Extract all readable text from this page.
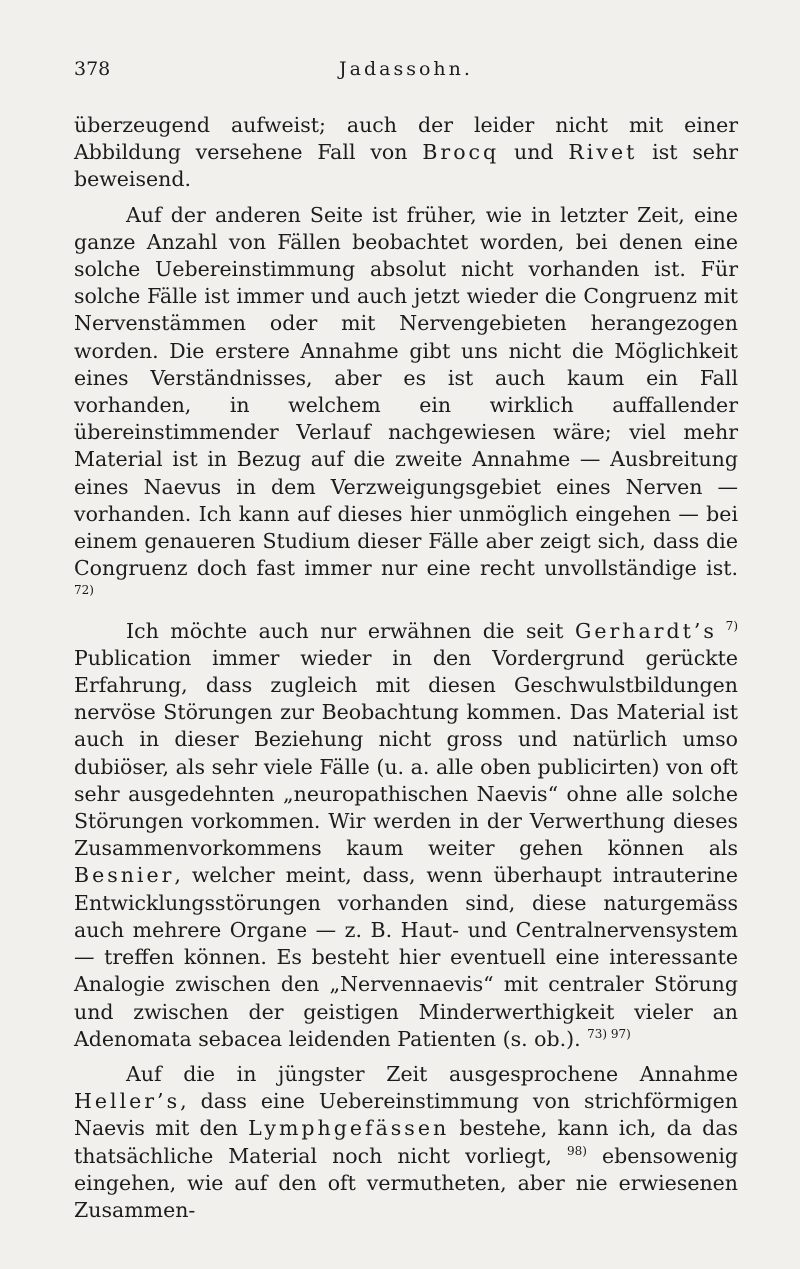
378	Jadassohn.

überzeugend aufweist; auch der leider nicht mit einer Abbildung versehene Fall von Brocq und Rivet ist sehr beweisend.

Auf der anderen Seite ist früher, wie in letzter Zeit, eine ganze Anzahl von Fällen beobachtet worden, bei denen eine solche Uebereinstimmung absolut nicht vorhanden ist. Für solche Fälle ist immer und auch jetzt wieder die Congruenz mit Nervenstämmen oder mit Nervengebieten herangezogen worden. Die erstere Annahme gibt uns nicht die Möglichkeit eines Verständnisses, aber es ist auch kaum ein Fall vorhanden, in welchem ein wirklich auffallender übereinstimmender Verlauf nachgewiesen wäre; viel mehr Material ist in Bezug auf die zweite Annahme — Ausbreitung eines Naevus in dem Verzweigungsgebiet eines Nerven — vorhanden. Ich kann auf dieses hier unmöglich eingehen — bei einem genaueren Studium dieser Fälle aber zeigt sich, dass die Congruenz doch fast immer nur eine recht unvollständige ist. $^{72)}$

Ich möchte auch nur erwähnen die seit Gerhardt’s $^{7)}$ Publication immer wieder in den Vordergrund gerückte Erfahrung, dass zugleich mit diesen Geschwulstbildungen nervöse Störungen zur Beobachtung kommen. Das Material ist auch in dieser Beziehung nicht gross und natürlich umso dubiöser, als sehr viele Fälle (u. a. alle oben publicirten) von oft sehr ausgedehnten „neuropathischen Naevis“ ohne alle solche Störungen vorkommen. Wir werden in der Verwerthung dieses Zusammenvorkommens kaum weiter gehen können als Besnier, welcher meint, dass, wenn überhaupt intrauterine Entwicklungsstörungen vorhanden sind, diese naturgemäss auch mehrere Organe — z. B. Haut- und Centralnervensystem — treffen können. Es besteht hier eventuell eine interessante Analogie zwischen den „Nervennaevis“ mit centraler Störung und zwischen der geistigen Minderwerthigkeit vieler an Adenomata sebacea leidenden Patienten (s. ob.). $^{73) 97)}$

Auf die in jüngster Zeit ausgesprochene Annahme Heller’s, dass eine Uebereinstimmung von strichförmigen Naevis mit den Lymphgefässen bestehe, kann ich, da das thatsächliche Material noch nicht vorliegt, $^{98)}$ ebensowenig eingehen, wie auf den oft vermutheten, aber nie erwiesenen Zusammen-
